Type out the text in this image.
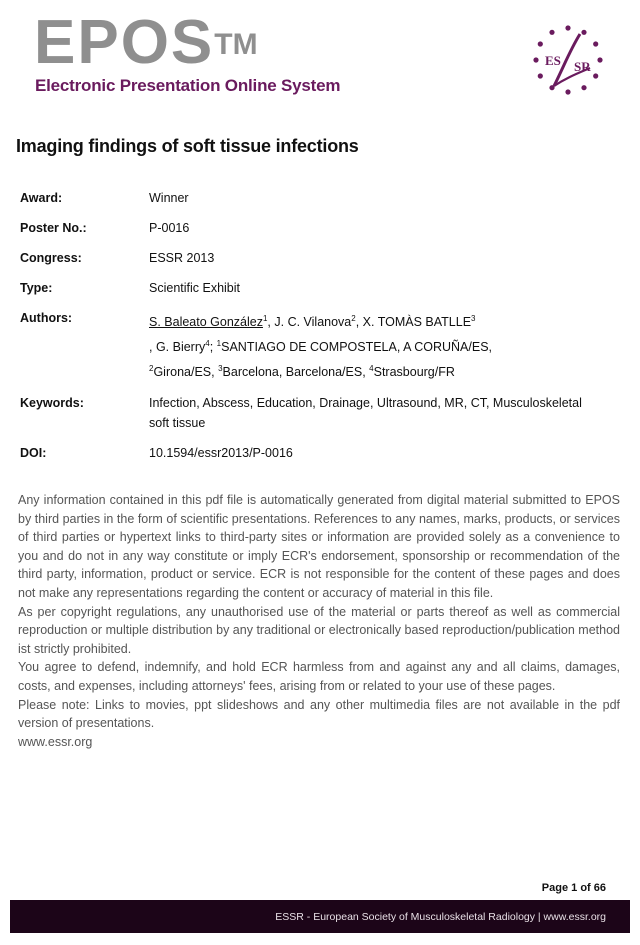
EPOS™
Electronic Presentation Online System
ES SR
Imaging findings of soft tissue infections
Award:	Winner
Poster No.:	P-0016
Congress:	ESSR 2013
Type:	Scientific Exhibit
Authors:	S. Baleato González$^1$, J. C. Vilanova$^2$, X. TOMÀS BATLLE$^3$
, G. Bierry$^4$; $^1$SANTIAGO DE COMPOSTELA, A CORUÑA/ES,
$^2$Girona/ES, $^3$Barcelona, Barcelona/ES, $^4$Strasbourg/FR
Keywords:	Infection, Abscess, Education, Drainage, Ultrasound, MR, CT, Musculoskeletal soft tissue
DOI:	10.1594/essr2013/P-0016

Any information contained in this pdf file is automatically generated from digital material submitted to EPOS by third parties in the form of scientific presentations. References to any names, marks, products, or services of third parties or hypertext links to third-party sites or information are provided solely as a convenience to you and do not in any way constitute or imply ECR's endorsement, sponsorship or recommendation of the third party, information, product or service. ECR is not responsible for the content of these pages and does not make any representations regarding the content or accuracy of material in this file.

As per copyright regulations, any unauthorised use of the material or parts thereof as well as commercial reproduction or multiple distribution by any traditional or electronically based reproduction/publication method ist strictly prohibited.

You agree to defend, indemnify, and hold ECR harmless from and against any and all claims, damages, costs, and expenses, including attorneys' fees, arising from or related to your use of these pages.

Please note: Links to movies, ppt slideshows and any other multimedia files are not available in the pdf version of presentations.

www.essr.org

Page 1 of 66
ESSR - European Society of Musculoskeletal Radiology | www.essr.org
